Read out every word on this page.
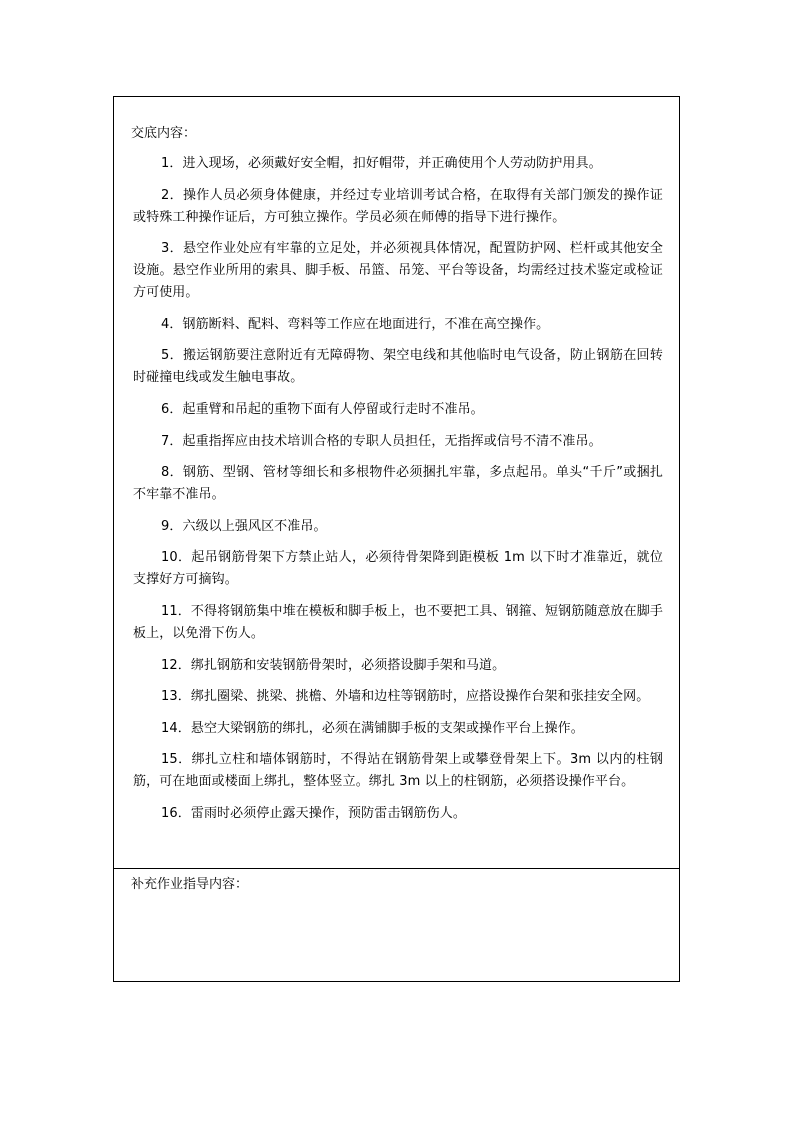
交底内容：
1．进入现场，必须戴好安全帽，扣好帽带，并正确使用个人劳动防护用具。
2．操作人员必须身体健康，并经过专业培训考试合格，在取得有关部门颁发的操作证或特殊工种操作证后，方可独立操作。学员必须在师傅的指导下进行操作。
3．悬空作业处应有牢靠的立足处，并必须视具体情况，配置防护网、栏杆或其他安全设施。悬空作业所用的索具、脚手板、吊篮、吊笼、平台等设备，均需经过技术鉴定或检证方可使用。
4．钢筋断料、配料、弯料等工作应在地面进行，不准在高空操作。
5．搬运钢筋要注意附近有无障碍物、架空电线和其他临时电气设备，防止钢筋在回转时碰撞电线或发生触电事故。
6．起重臂和吊起的重物下面有人停留或行走时不准吊。
7．起重指挥应由技术培训合格的专职人员担任，无指挥或信号不清不准吊。
8．钢筋、型钢、管材等细长和多根物件必须捆扎牢靠，多点起吊。单头“千斤”或捆扎不牢靠不准吊。
9．六级以上强风区不准吊。
10．起吊钢筋骨架下方禁止站人，必须待骨架降到距模板 1m 以下时才准靠近，就位支撑好方可摘钩。
11．不得将钢筋集中堆在模板和脚手板上，也不要把工具、钢箍、短钢筋随意放在脚手板上，以免滑下伤人。
12．绑扎钢筋和安装钢筋骨架时，必须搭设脚手架和马道。
13．绑扎圈梁、挑梁、挑檐、外墙和边柱等钢筋时，应搭设操作台架和张挂安全网。
14．悬空大梁钢筋的绑扎，必须在满铺脚手板的支架或操作平台上操作。
15．绑扎立柱和墙体钢筋时，不得站在钢筋骨架上或攀登骨架上下。3m 以内的柱钢筋，可在地面或楼面上绑扎，整体竖立。绑扎 3m 以上的柱钢筋，必须搭设操作平台。
16．雷雨时必须停止露天操作，预防雷击钢筋伤人。
补充作业指导内容：
